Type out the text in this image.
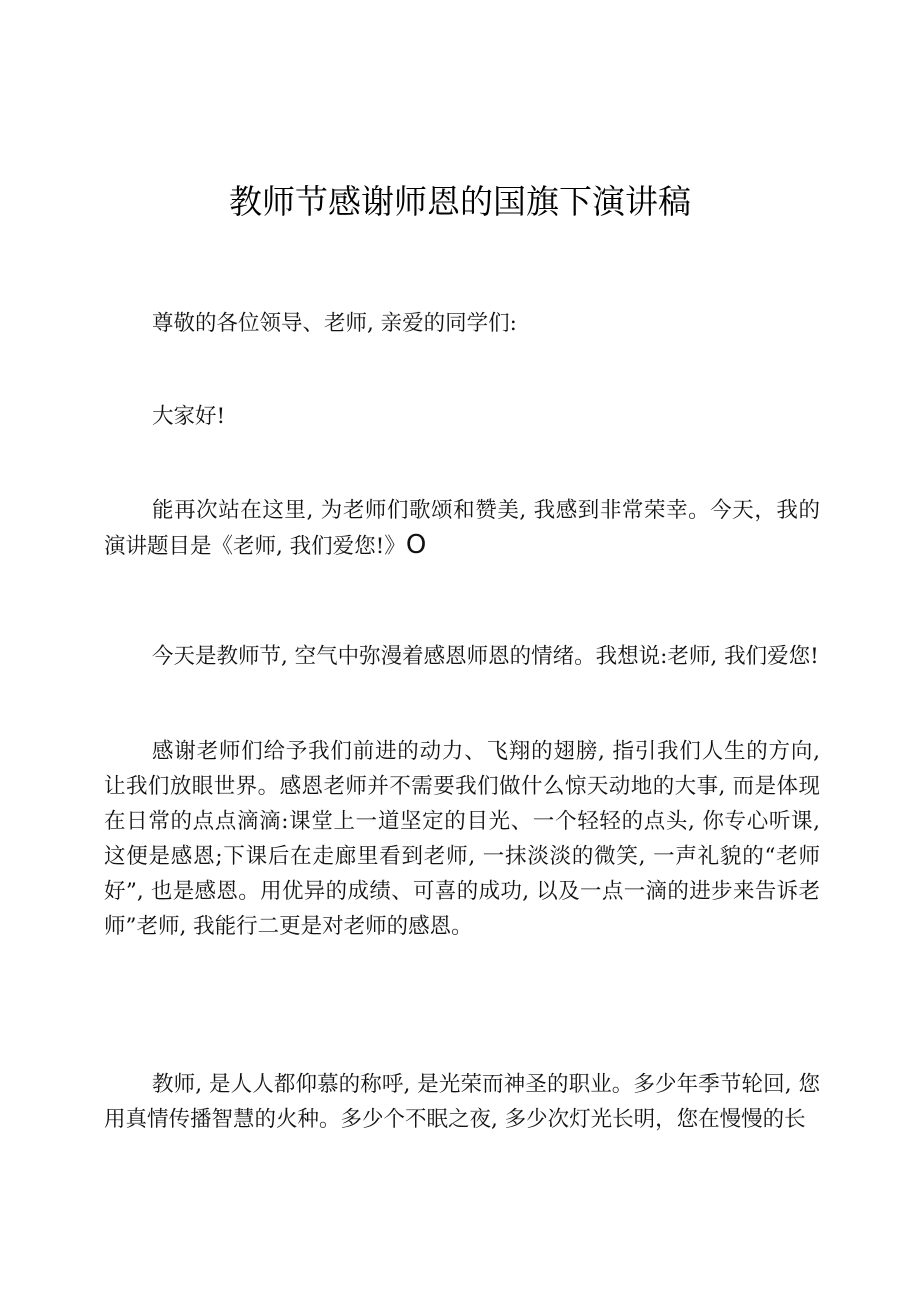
教师节感谢师恩的国旗下演讲稿

尊敬的各位领导、老师, 亲爱的同学们:

大家好!

能再次站在这里, 为老师们歌颂和赞美, 我感到非常荣幸。今天，我的演讲题目是《老师, 我们爱您!》O

今天是教师节, 空气中弥漫着感恩师恩的情绪。我想说:老师, 我们爱您!

感谢老师们给予我们前进的动力、飞翔的翅膀, 指引我们人生的方向, 让我们放眼世界。感恩老师并不需要我们做什么惊天动地的大事, 而是体现在日常的点点滴滴:课堂上一道坚定的目光、一个轻轻的点头, 你专心听课, 这便是感恩;下课后在走廊里看到老师, 一抹淡淡的微笑, 一声礼貌的“老师好”, 也是感恩。用优异的成绩、可喜的成功, 以及一点一滴的进步来告诉老师”老师, 我能行二更是对老师的感恩。

教师, 是人人都仰慕的称呼, 是光荣而神圣的职业。多少年季节轮回, 您用真情传播智慧的火种。多少个不眠之夜, 多少次灯光长明，您在慢慢的长
